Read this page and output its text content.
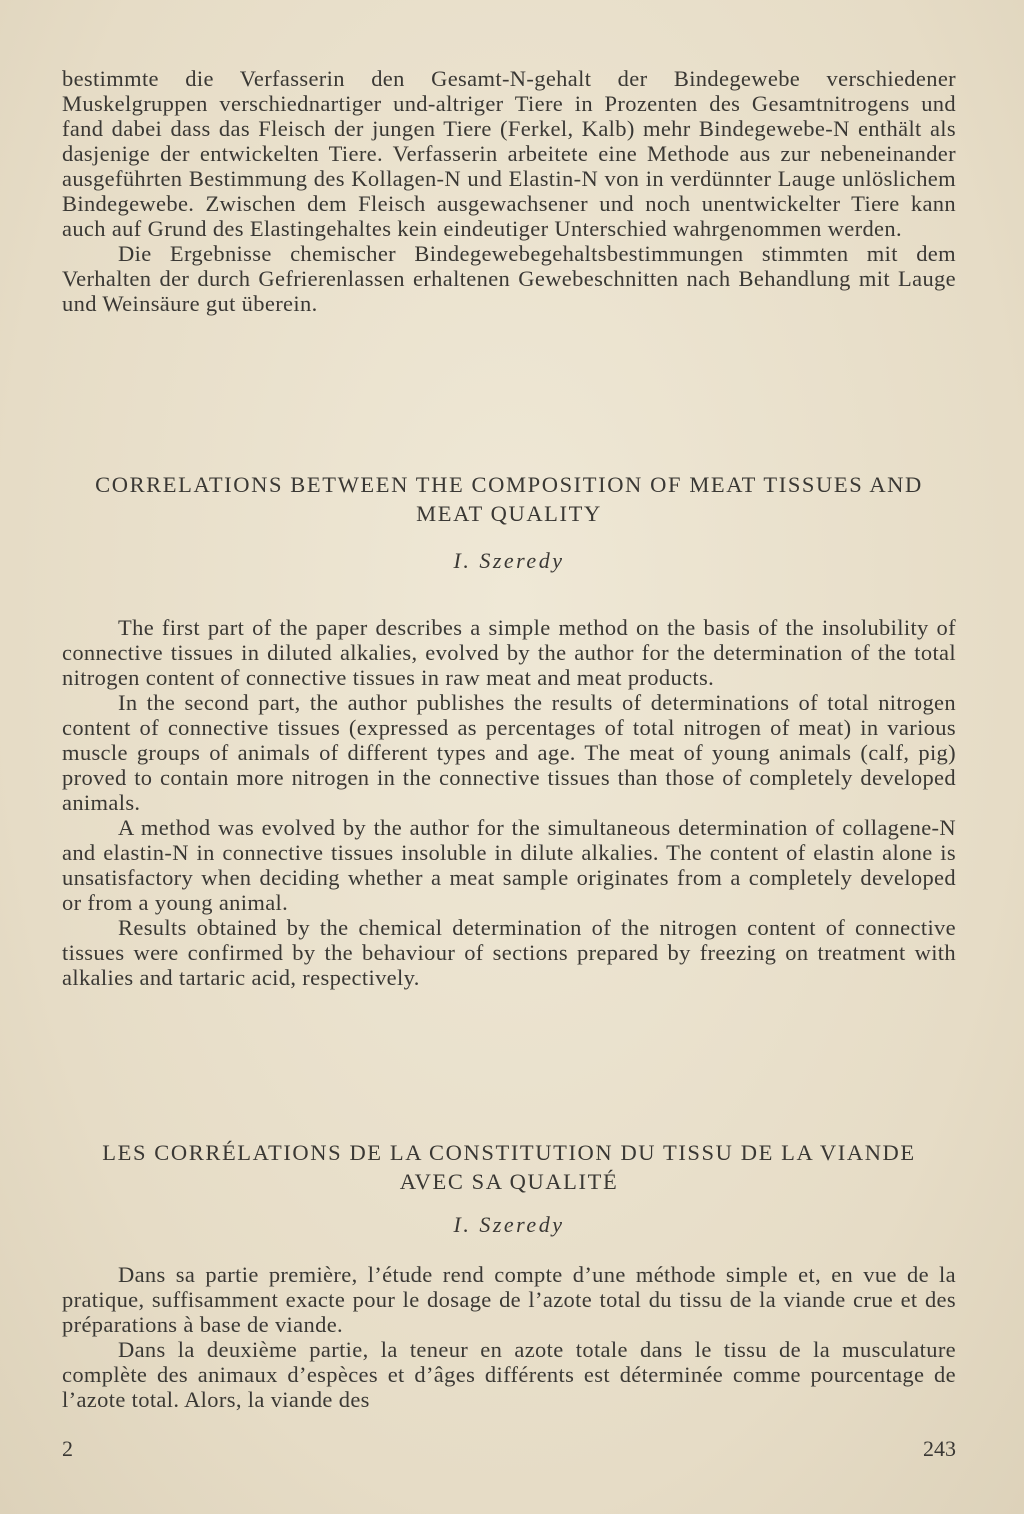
bestimmte die Verfasserin den Gesamt-N-gehalt der Bindegewebe verschiedener Muskelgruppen verschiednartiger und-altriger Tiere in Prozenten des Gesamtnitrogens und fand dabei dass das Fleisch der jungen Tiere (Ferkel, Kalb) mehr Bindegewebe-N enthält als dasjenige der entwickelten Tiere. Verfasserin arbeitete eine Methode aus zur nebeneinander ausgeführten Bestimmung des Kollagen-N und Elastin-N von in verdünnter Lauge unlöslichem Bindegewebe. Zwischen dem Fleisch ausgewachsener und noch unentwickelter Tiere kann auch auf Grund des Elastingehaltes kein eindeutiger Unterschied wahrgenommen werden.

Die Ergebnisse chemischer Bindegewebegehaltsbestimmungen stimmten mit dem Verhalten der durch Gefrierenlassen erhaltenen Gewebeschnitten nach Behandlung mit Lauge und Weinsäure gut überein.

CORRELATIONS BETWEEN THE COMPOSITION OF MEAT TISSUES AND MEAT QUALITY
I. Szeredy

The first part of the paper describes a simple method on the basis of the insolubility of connective tissues in diluted alkalies, evolved by the author for the determination of the total nitrogen content of connective tissues in raw meat and meat products.

In the second part, the author publishes the results of determinations of total nitrogen content of connective tissues (expressed as percentages of total nitrogen of meat) in various muscle groups of animals of different types and age. The meat of young animals (calf, pig) proved to contain more nitrogen in the connective tissues than those of completely developed animals.

A method was evolved by the author for the simultaneous determination of collagene-N and elastin-N in connective tissues insoluble in dilute alkalies. The content of elastin alone is unsatisfactory when deciding whether a meat sample originates from a completely developed or from a young animal.

Results obtained by the chemical determination of the nitrogen content of connective tissues were confirmed by the behaviour of sections prepared by freezing on treatment with alkalies and tartaric acid, respectively.

LES CORRÉLATIONS DE LA CONSTITUTION DU TISSU DE LA VIANDE AVEC SA QUALITÉ
I. Szeredy

Dans sa partie première, l’étude rend compte d’une méthode simple et, en vue de la pratique, suffisamment exacte pour le dosage de l’azote total du tissu de la viande crue et des préparations à base de viande.

Dans la deuxième partie, la teneur en azote totale dans le tissu de la musculature complète des animaux d’espèces et d’âges différents est déterminée comme pourcentage de l’azote total. Alors, la viande des

2	243
